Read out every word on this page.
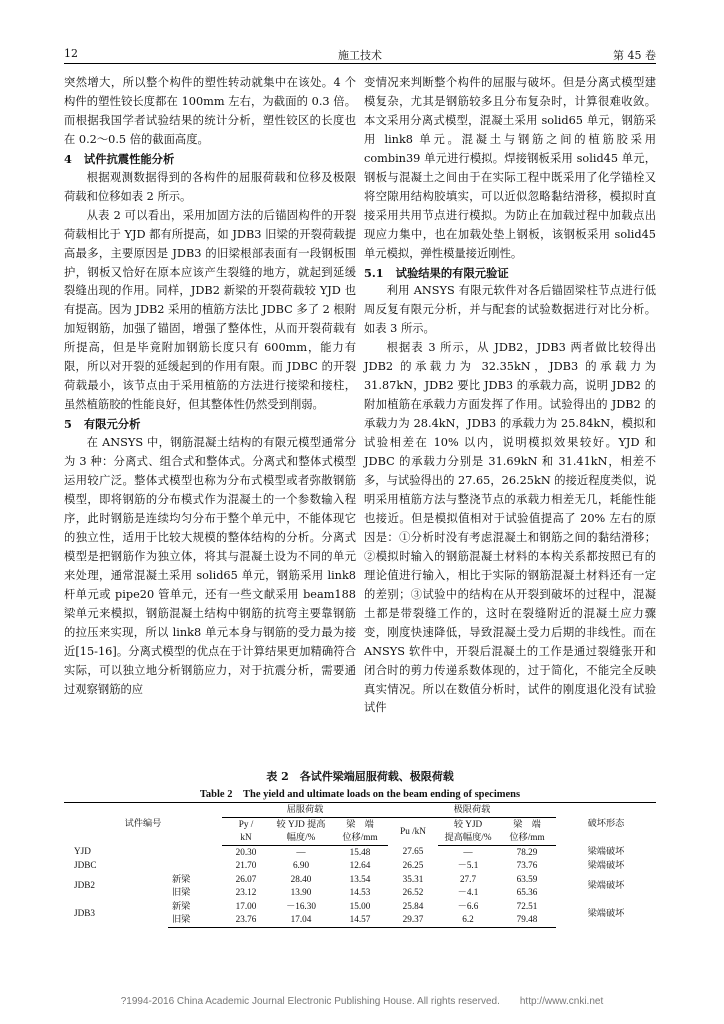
12	施工技术	第 45 卷

突然增大，所以整个构件的塑性转动就集中在该处。4 个构件的塑性铰长度都在 100mm 左右，为截面的 0.3 倍。而根据我国学者试验结果的统计分析，塑性铰区的长度也在 0.2～0.5 倍的截面高度。

4 试件抗震性能分析

根据观测数据得到的各构件的屈服荷载和位移及极限荷载和位移如表 2 所示。

从表 2 可以看出，采用加固方法的后锚固构件的开裂荷载相比于 YJD 都有所提高，如 JDB3 旧梁的开裂荷载提高最多，主要原因是 JDB3 的旧梁根部表面有一段钢板围护，钢板又恰好在原本应该产生裂缝的地方，就起到延缓裂缝出现的作用。同样，JDB2 新梁的开裂荷载较 YJD 也有提高。因为 JDB2 采用的植筋方法比 JDBC 多了 2 根附加短钢筋，加强了锚固，增强了整体性，从而开裂荷载有所提高，但是毕竟附加钢筋长度只有 600mm，能力有限，所以对开裂的延缓起到的作用有限。而 JDBC 的开裂荷载最小，该节点由于采用植筋的方法进行接梁和接柱，虽然植筋胶的性能良好，但其整体性仍然受到削弱。

5 有限元分析

在 ANSYS 中，钢筋混凝土结构的有限元模型通常分为 3 种：分离式、组合式和整体式。分离式和整体式模型运用较广泛。整体式模型也称为分布式模型或者弥散钢筋模型，即将钢筋的分布模式作为混凝土的一个参数输入程序，此时钢筋是连续均匀分布于整个单元中，不能体现它的独立性，适用于比较大规模的整体结构的分析。分离式模型是把钢筋作为独立体，将其与混凝土设为不同的单元来处理，通常混凝土采用 solid65 单元，钢筋采用 link8 杆单元或 pipe20 管单元，还有一些文献采用 beam188 梁单元来模拟，钢筋混凝土结构中钢筋的抗弯主要靠钢筋的拉压来实现，所以 link8 单元本身与钢筋的受力最为接近[15-16]。分离式模型的优点在于计算结果更加精确符合实际，可以独立地分析钢筋应力，对于抗震分析，需要通过观察钢筋的应

变情况来判断整个构件的屈服与破坏。但是分离式模型建模复杂，尤其是钢筋较多且分布复杂时，计算很难收敛。本文采用分离式模型，混凝土采用 solid65 单元，钢筋采用 link8 单元。混凝土与钢筋之间的植筋胶采用 combin39 单元进行模拟。焊接钢板采用 solid45 单元，钢板与混凝土之间由于在实际工程中既采用了化学锚栓又将空隙用结构胶填实，可以近似忽略黏结滑移，模拟时直接采用共用节点进行模拟。为防止在加载过程中加载点出现应力集中，也在加载处垫上钢板，该钢板采用 solid45 单元模拟，弹性模量接近刚性。

5.1 试验结果的有限元验证

利用 ANSYS 有限元软件对各后锚固梁柱节点进行低周反复有限元分析，并与配套的试验数据进行对比分析。如表 3 所示。

根据表 3 所示，从 JDB2，JDB3 两者做比较得出 JDB2 的承载力为 32.35kN，JDB3 的承载力为 31.87kN，JDB2 要比 JDB3 的承载力高，说明 JDB2 的附加植筋在承载力方面发挥了作用。试验得出的 JDB2 的承载力为 28.4kN，JDB3 的承载力为 25.84kN，模拟和试验相差在 10% 以内，说明模拟效果较好。YJD 和 JDBC 的承载力分别是 31.69kN 和 31.41kN，相差不多，与试验得出的 27.65，26.25kN 的接近程度类似，说明采用植筋方法与整浇节点的承载力相差无几，耗能性能也接近。但是模拟值相对于试验值提高了 20% 左右的原因是：①分析时没有考虑混凝土和钢筋之间的黏结滑移；②模拟时输入的钢筋混凝土材料的本构关系都按照已有的理论值进行输入，相比于实际的钢筋混凝土材料还有一定的差别；③试验中的结构在从开裂到破坏的过程中，混凝土都是带裂缝工作的，这时在裂缝附近的混凝土应力骤变，刚度快速降低，导致混凝土受力后期的非线性。而在 ANSYS 软件中，开裂后混凝土的工作是通过裂缝张开和闭合时的剪力传递系数体现的，过于简化，不能完全反映真实情况。所以在数值分析时，试件的刚度退化没有试验试件

表 2　各试件梁端屈服荷载、极限荷载
Table 2　The yield and ultimate loads on the beam ending of specimens
试件编号		屈服荷载			极限荷载			破坏形态
		Py /	较 YJD 提高	梁　端	Pu /kN	较 YJD	梁　端	
		kN	幅度/%	位移/mm		提高幅度/%	位移/mm	
YJD		20.30	—	15.48	27.65	—	78.29	梁端破坏
JDBC		21.70	6.90	12.64	26.25	－5.1	73.76	梁端破坏
JDB2	新梁	26.07	28.40	13.54	35.31	27.7	63.59	梁端破坏
	旧梁	23.12	13.90	14.53	26.52	－4.1	65.36	
JDB3	新梁	17.00	－16.30	15.00	25.84	－6.6	72.51	梁端破坏
	旧梁	23.76	17.04	14.57	29.37	6.2	79.48	
?1994-2016 China Academic Journal Electronic Publishing House. All rights reserved.　　http://www.cnki.net
